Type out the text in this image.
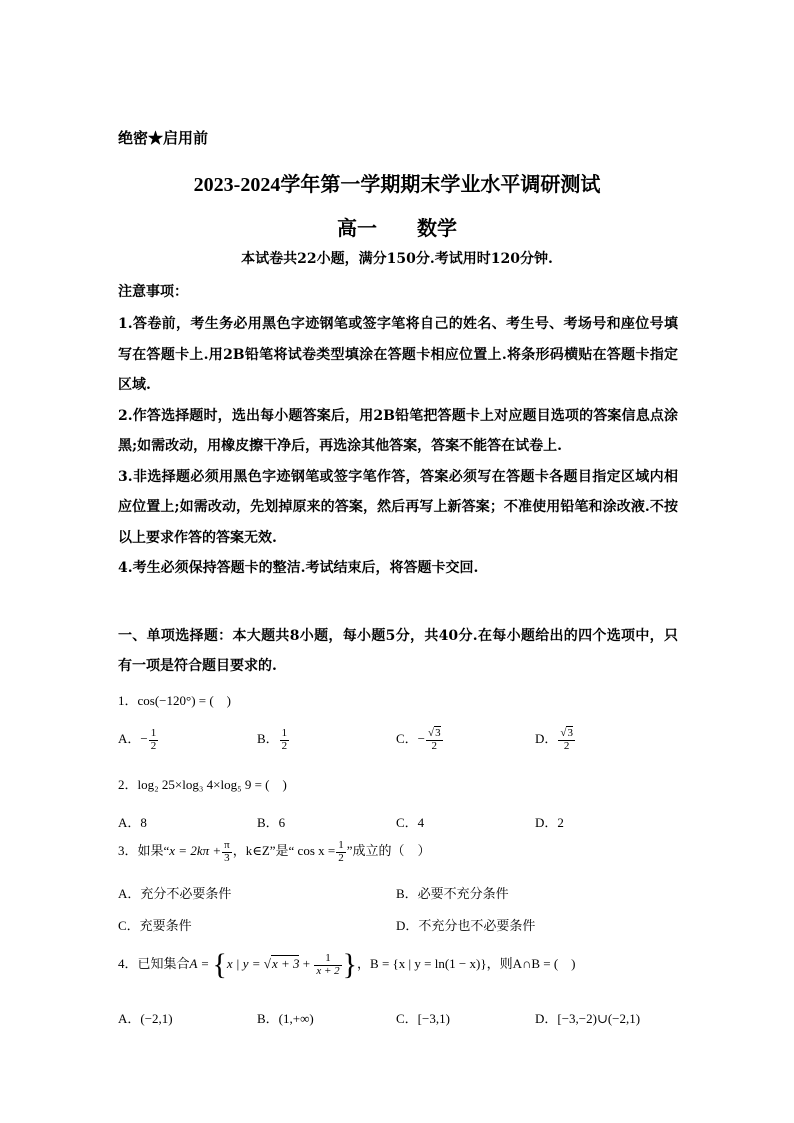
绝密★启用前
2023-2024学年第一学期期末学业水平调研测试
高一 数学
本试卷共22小题，满分150分.考试用时120分钟.
注意事项：

1.答卷前，考生务必用黑色字迹钢笔或签字笔将自己的姓名、考生号、考场号和座位号填写在答题卡上.用2B铅笔将试卷类型填涂在答题卡相应位置上.将条形码横贴在答题卡指定区域.

2.作答选择题时，选出每小题答案后，用2B铅笔把答题卡上对应题目选项的答案信息点涂黑;如需改动，用橡皮擦干净后，再选涂其他答案，答案不能答在试卷上.

3.非选择题必须用黑色字迹钢笔或签字笔作答，答案必须写在答题卡各题目指定区域内相应位置上;如需改动，先划掉原来的答案，然后再写上新答案；不准使用铅笔和涂改液.不按以上要求作答的答案无效.

4.考生必须保持答题卡的整洁.考试结束后，将答题卡交回.

一、单项选择题：本大题共8小题，每小题5分，共40分.在每小题给出的四个选项中，只有一项是符合题目要求的.
1．cos(−120°) = (　)
A．− $\frac{1}{2}$	B． $\frac{1}{2}$	C．− √ $\frac{3}{2}$	D． √ $\frac{3}{2}$
2．log₂ 25×log₃ 4×log₅ 9 = (　)
A．8	B．6	C．4	D．2
3．如果“$x = 2k\pi + \frac{\pi}{3}$ ，k∈Z”是“ $\cos x = \frac{1}{2}$ ”成立的（　）
A．充分不必要条件	B．必要不充分条件
C．充要条件	D．不充分也不必要条件
4．已知集合A = {x | y = √ $x + 3 + \frac{1}{x + 2}$ }，B = {x | y = ln(1 − x)}，则A∩B = (　)
A．(−2,1)	B．(1,+∞)	C．[−3,1)	D．[−3,−2)∪(−2,1)
